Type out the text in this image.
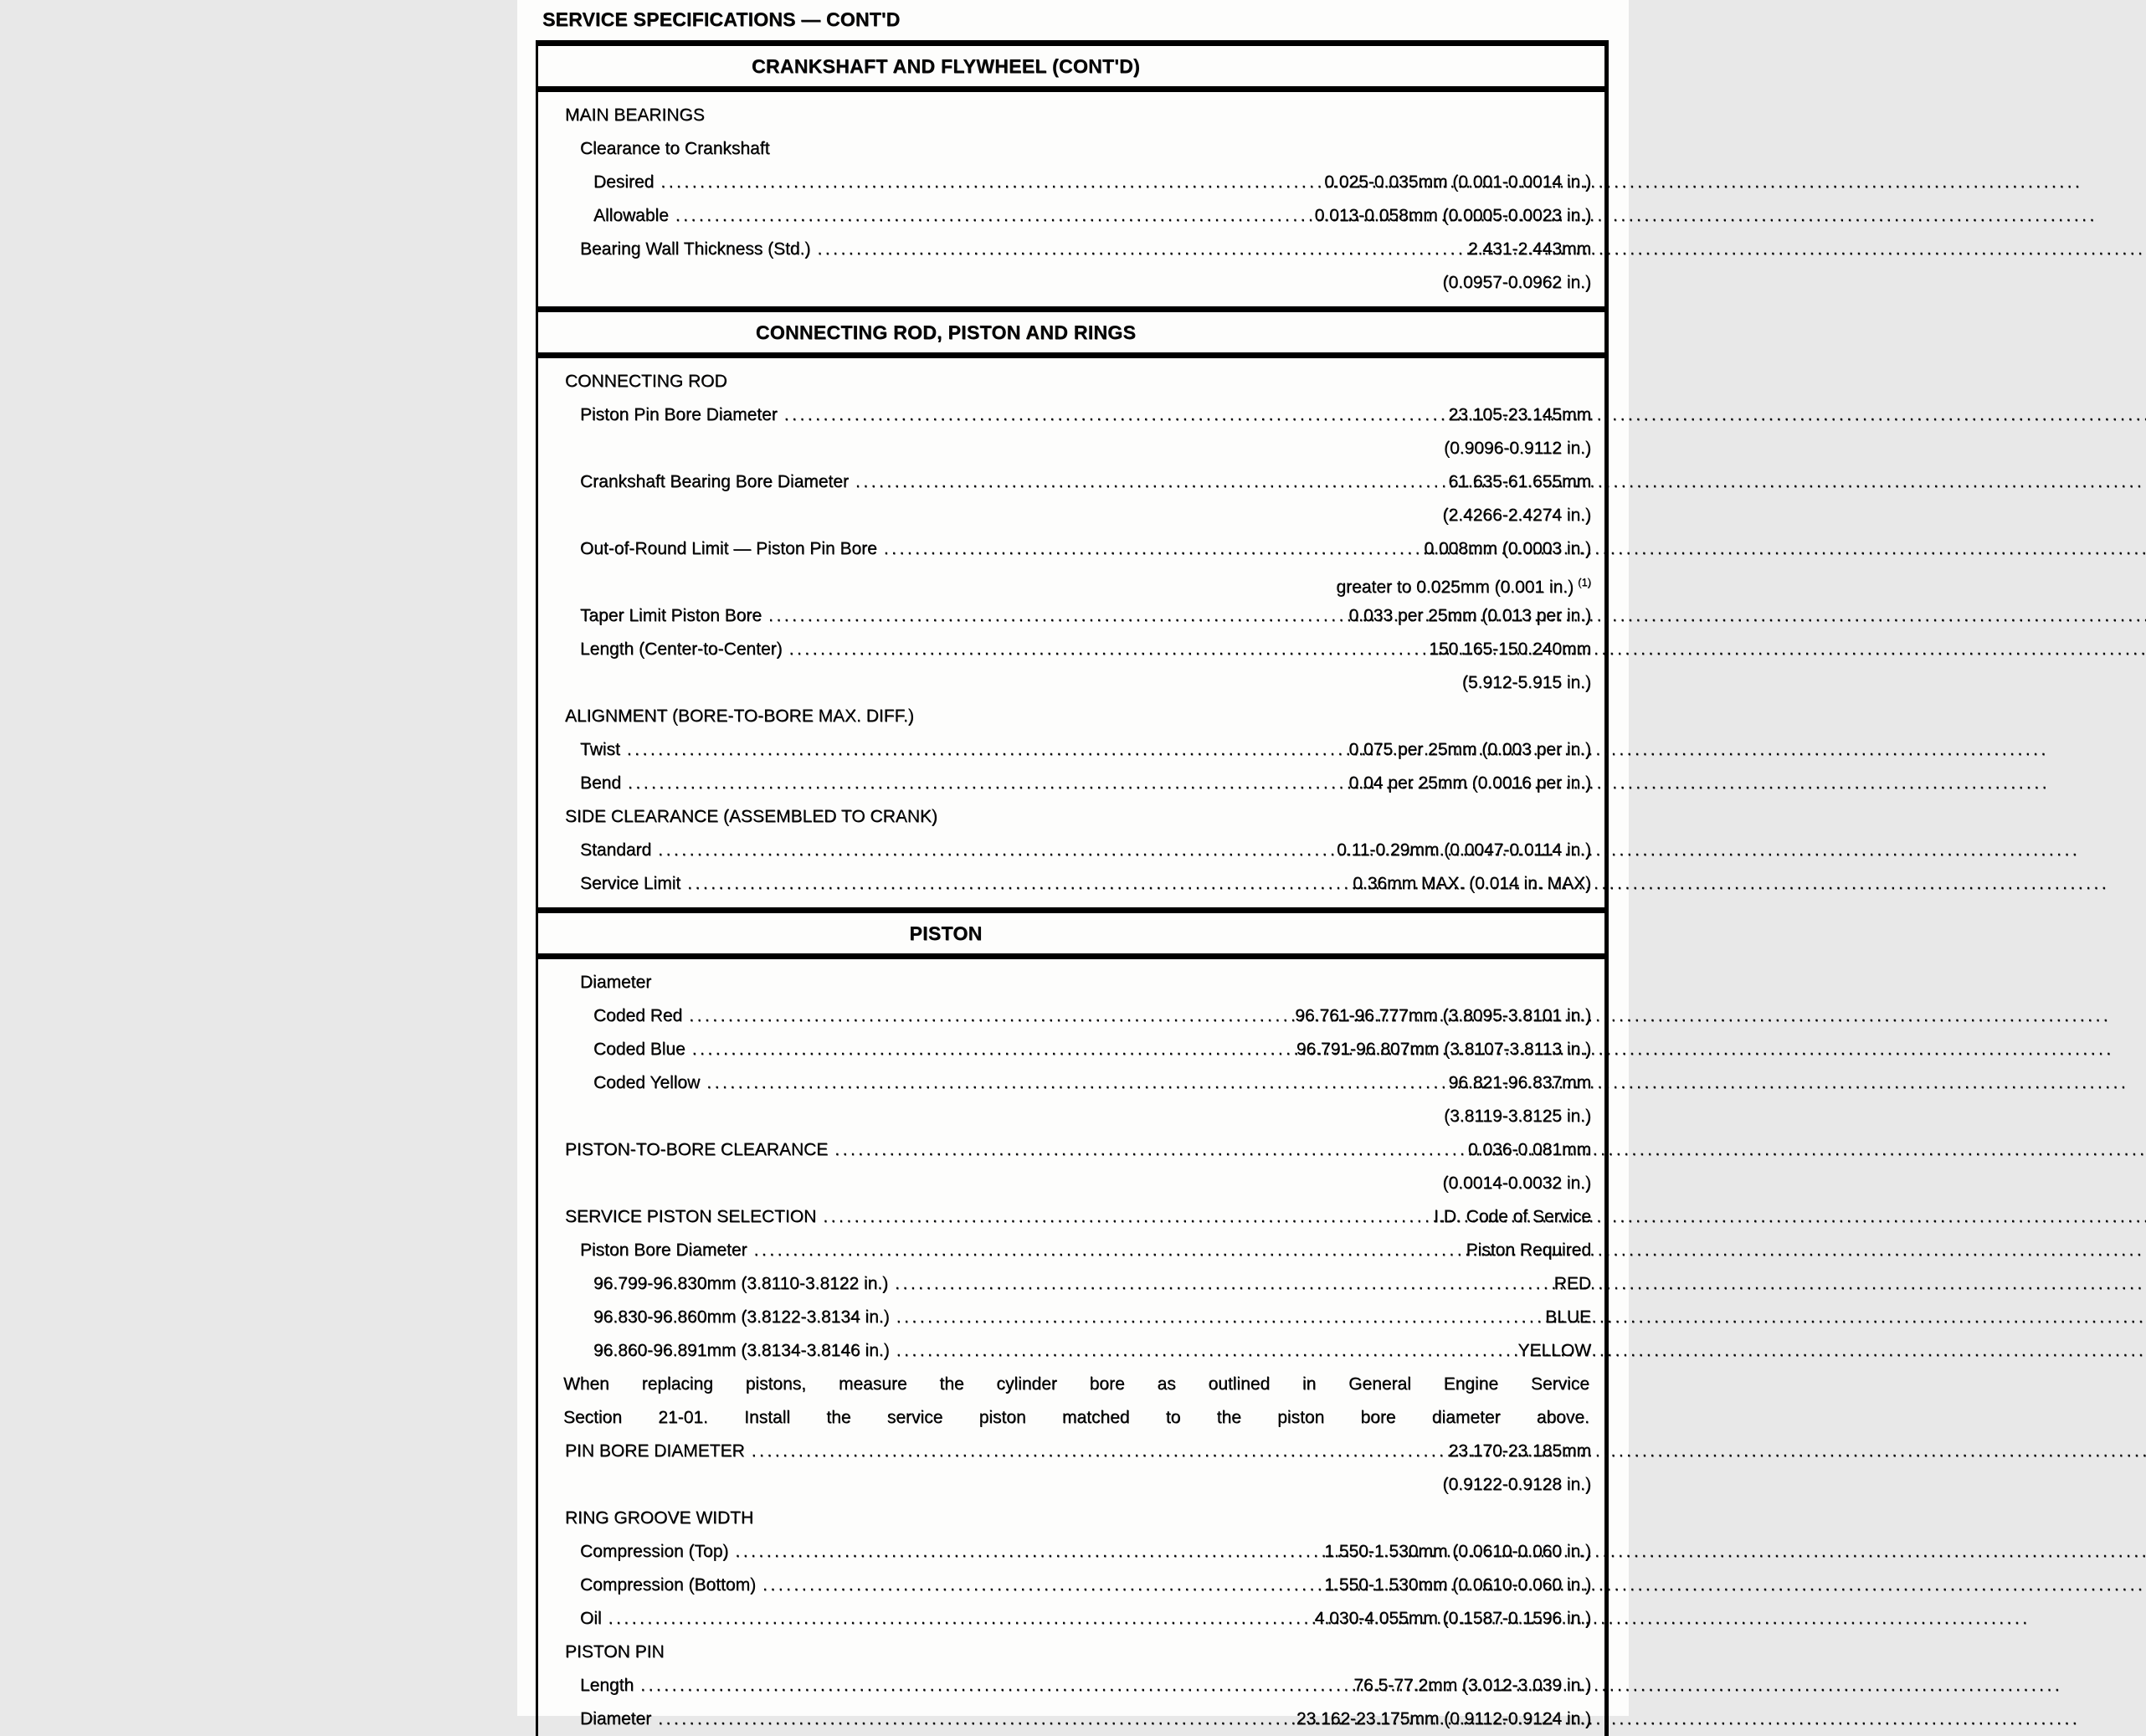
SERVICE SPECIFICATIONS — CONT'D
CRANKSHAFT AND FLYWHEEL (CONT'D)
MAIN BEARINGS
Clearance to Crankshaft
Desired .....	0.025-0.035mm (0.001-0.0014 in.)
Allowable .....	0.013-0.058mm (0.0005-0.0023 in.)
Bearing Wall Thickness (Std.) .....	2.431-2.443mm
(0.0957-0.0962 in.)
CONNECTING ROD, PISTON AND RINGS
CONNECTING ROD
Piston Pin Bore Diameter .....	23.105-23.145mm
(0.9096-0.9112 in.)
Crankshaft Bearing Bore Diameter .....	61.635-61.655mm
(2.4266-2.4274 in.)
Out-of-Round Limit — Piston Pin Bore .....	0.008mm (0.0003 in.)
greater to 0.025mm (0.001 in.) $^{(1)}$
Taper Limit Piston Bore .....	0.033 per 25mm (0.013 per in.)
Length (Center-to-Center) .....	150.165-150.240mm
(5.912-5.915 in.)
ALIGNMENT (BORE-TO-BORE MAX. DIFF.)
Twist .....	0.075 per 25mm (0.003 per in.)
Bend .....	0.04 per 25mm (0.0016 per in.)
SIDE CLEARANCE (ASSEMBLED TO CRANK)
Standard .....	0.11-0.29mm (0.0047-0.0114 in.)
Service Limit .....	0.36mm MAX. (0.014 in. MAX)
PISTON
Diameter
Coded Red .....	96.761-96.777mm (3.8095-3.8101 in.)
Coded Blue .....	96.791-96.807mm (3.8107-3.8113 in.)
Coded Yellow .....	96.821-96.837mm
(3.8119-3.8125 in.)
PISTON-TO-BORE CLEARANCE .....	0.036-0.081mm
(0.0014-0.0032 in.)
SERVICE PISTON SELECTION .....	I.D. Code of Service
Piston Bore Diameter .....	Piston Required
96.799-96.830mm (3.8110-3.8122 in.) .....	RED
96.830-96.860mm (3.8122-3.8134 in.) .....	BLUE
96.860-96.891mm (3.8134-3.8146 in.) .....	YELLOW
When replacing pistons, measure the cylinder bore as outlined in General Engine Service
Section 21-01. Install the service piston matched to the piston bore diameter above.
PIN BORE DIAMETER .....	23.170-23.185mm
(0.9122-0.9128 in.)
RING GROOVE WIDTH
Compression (Top) .....	1.550-1.530mm (0.0610-0.060 in.)
Compression (Bottom) .....	1.550-1.530mm (0.0610-0.060 in.)
Oil .....	4.030-4.055mm (0.1587-0.1596 in.)
PISTON PIN
Length .....	76.5-77.2mm (3.012-3.039 in.)
Diameter .....	23.162-23.175mm (0.9112-0.9124 in.)
